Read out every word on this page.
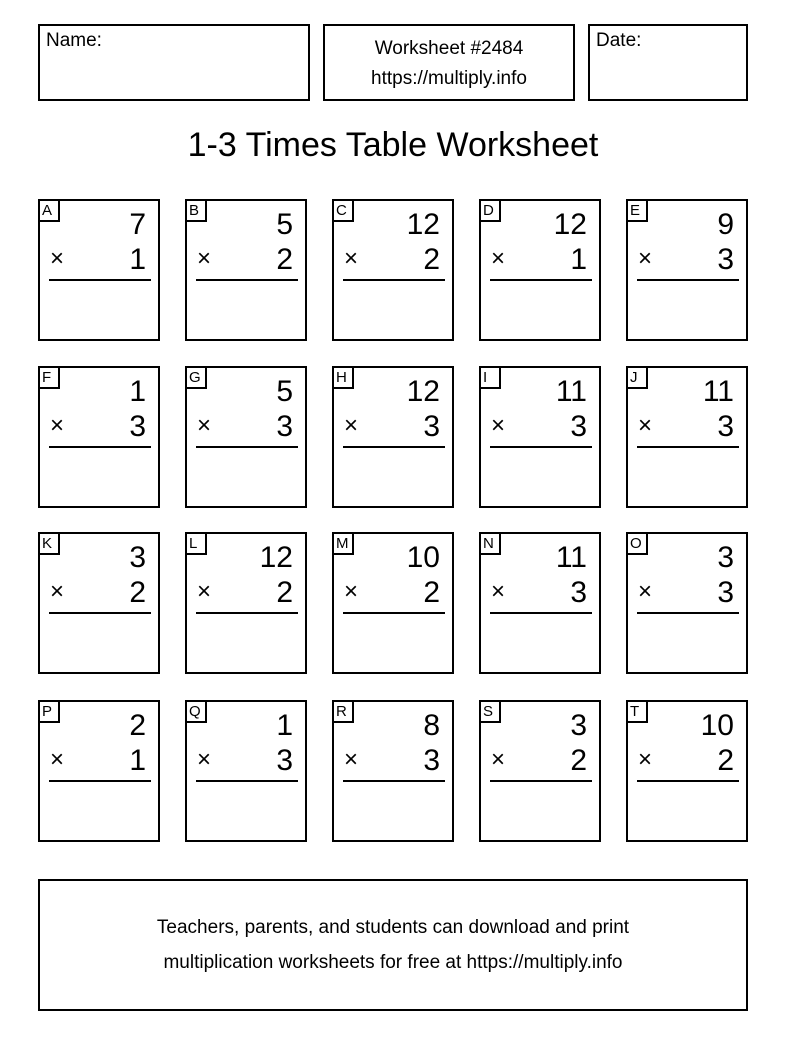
Name:	Worksheet #2484
https://multiply.info
Date:
1-3 Times Table Worksheet
A	7
× 1
B	5
× 2
C 12
× 2
D 12
× 1
E	9
× 3
F	1
× 3
G	5
× 3
H 12
× 3
I	11
× 3
J	11
× 3
K	3
× 2
L	12
× 2
M 10
× 2
N 11
× 3
O	3
× 3
P	2
× 1
Q	1
× 3
R	8
× 3
S	3
× 2
T 10
× 2
Teachers, parents, and students can download and print
multiplication worksheets for free at https://multiply.info
